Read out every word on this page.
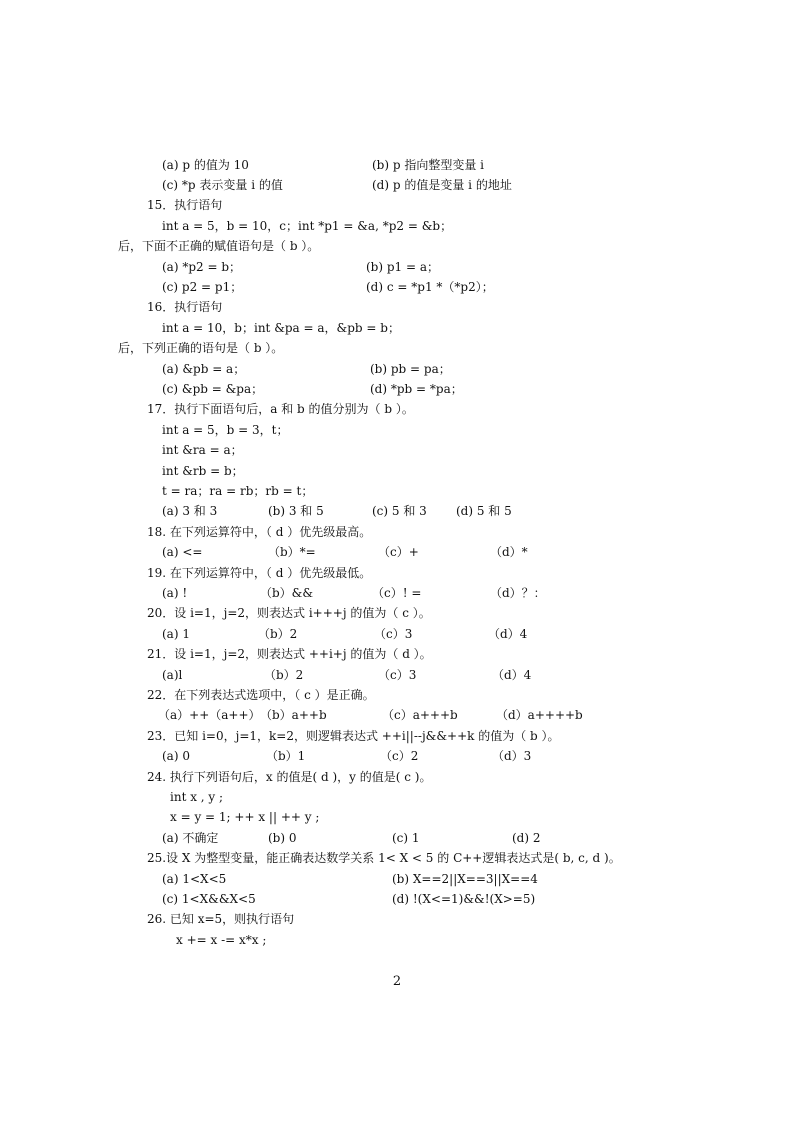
(a) p 的值为 10	(b) p 指向整型变量 i
(c) *p 表示变量 i 的值	(d) p 的值是变量 i 的地址
15．执行语句
int a = 5，b = 10，c；int *p1 = &a, *p2 = &b；
后，下面不正确的赋值语句是（ b ）。
(a) *p2 = b；	(b) p1 = a；
(c) p2 = p1；	(d) c = *p1 *（*p2）；
16．执行语句
int a = 10，b；int &pa = a，&pb = b；
后，下列正确的语句是（ b ）。
(a) &pb = a；	(b) pb = pa；
(c) &pb = &pa；	(d) *pb = *pa；
17．执行下面语句后，a 和 b 的值分别为（ b ）。
int a = 5，b = 3，t；
int &ra = a；
int &rb = b；
t = ra；ra = rb；rb = t；
(a) 3 和 3	(b) 3 和 5	(c) 5 和 3 (d) 5 和 5
18. 在下列运算符中，（ d ）优先级最高。
(a) <=	（b）*=	（c）+	（d）*
19. 在下列运算符中，（ d ）优先级最低。
(a) !	（b）&&	（c）! =	（d）？：
20．设 i=1，j=2，则表达式 i+++j 的值为（ c ）。
(a) 1	（b）2	（c）3	（d）4
21．设 i=1，j=2，则表达式 ++i+j 的值为（ d ）。
(a)l	（b）2	（c）3	（d）4
22．在下列表达式选项中，（ c ）是正确。
（a）++（a++） （b）a++b	（c）a+++b	（d）a++++b
23．已知 i=0，j=1，k=2，则逻辑表达式 ++i||--j&&++k 的值为（ b ）。
(a) 0	（b）1	（c）2	（d）3
24. 执行下列语句后，x 的值是( d )，y 的值是( c )。
int x , y ;
x = y = 1; ++ x || ++ y ;
(a) 不确定	(b) 0	(c) 1	(d) 2
25.设 X 为整型变量，能正确表达数学关系 1< X < 5 的 C++逻辑表达式是( b, c, d )。
(a) 1<X<5	(b) X==2||X==3||X==4
(c) 1<X&&X<5	(d) !(X<=1)&&!(X>=5)
26. 已知 x=5，则执行语句
x += x -= x*x ;
2
